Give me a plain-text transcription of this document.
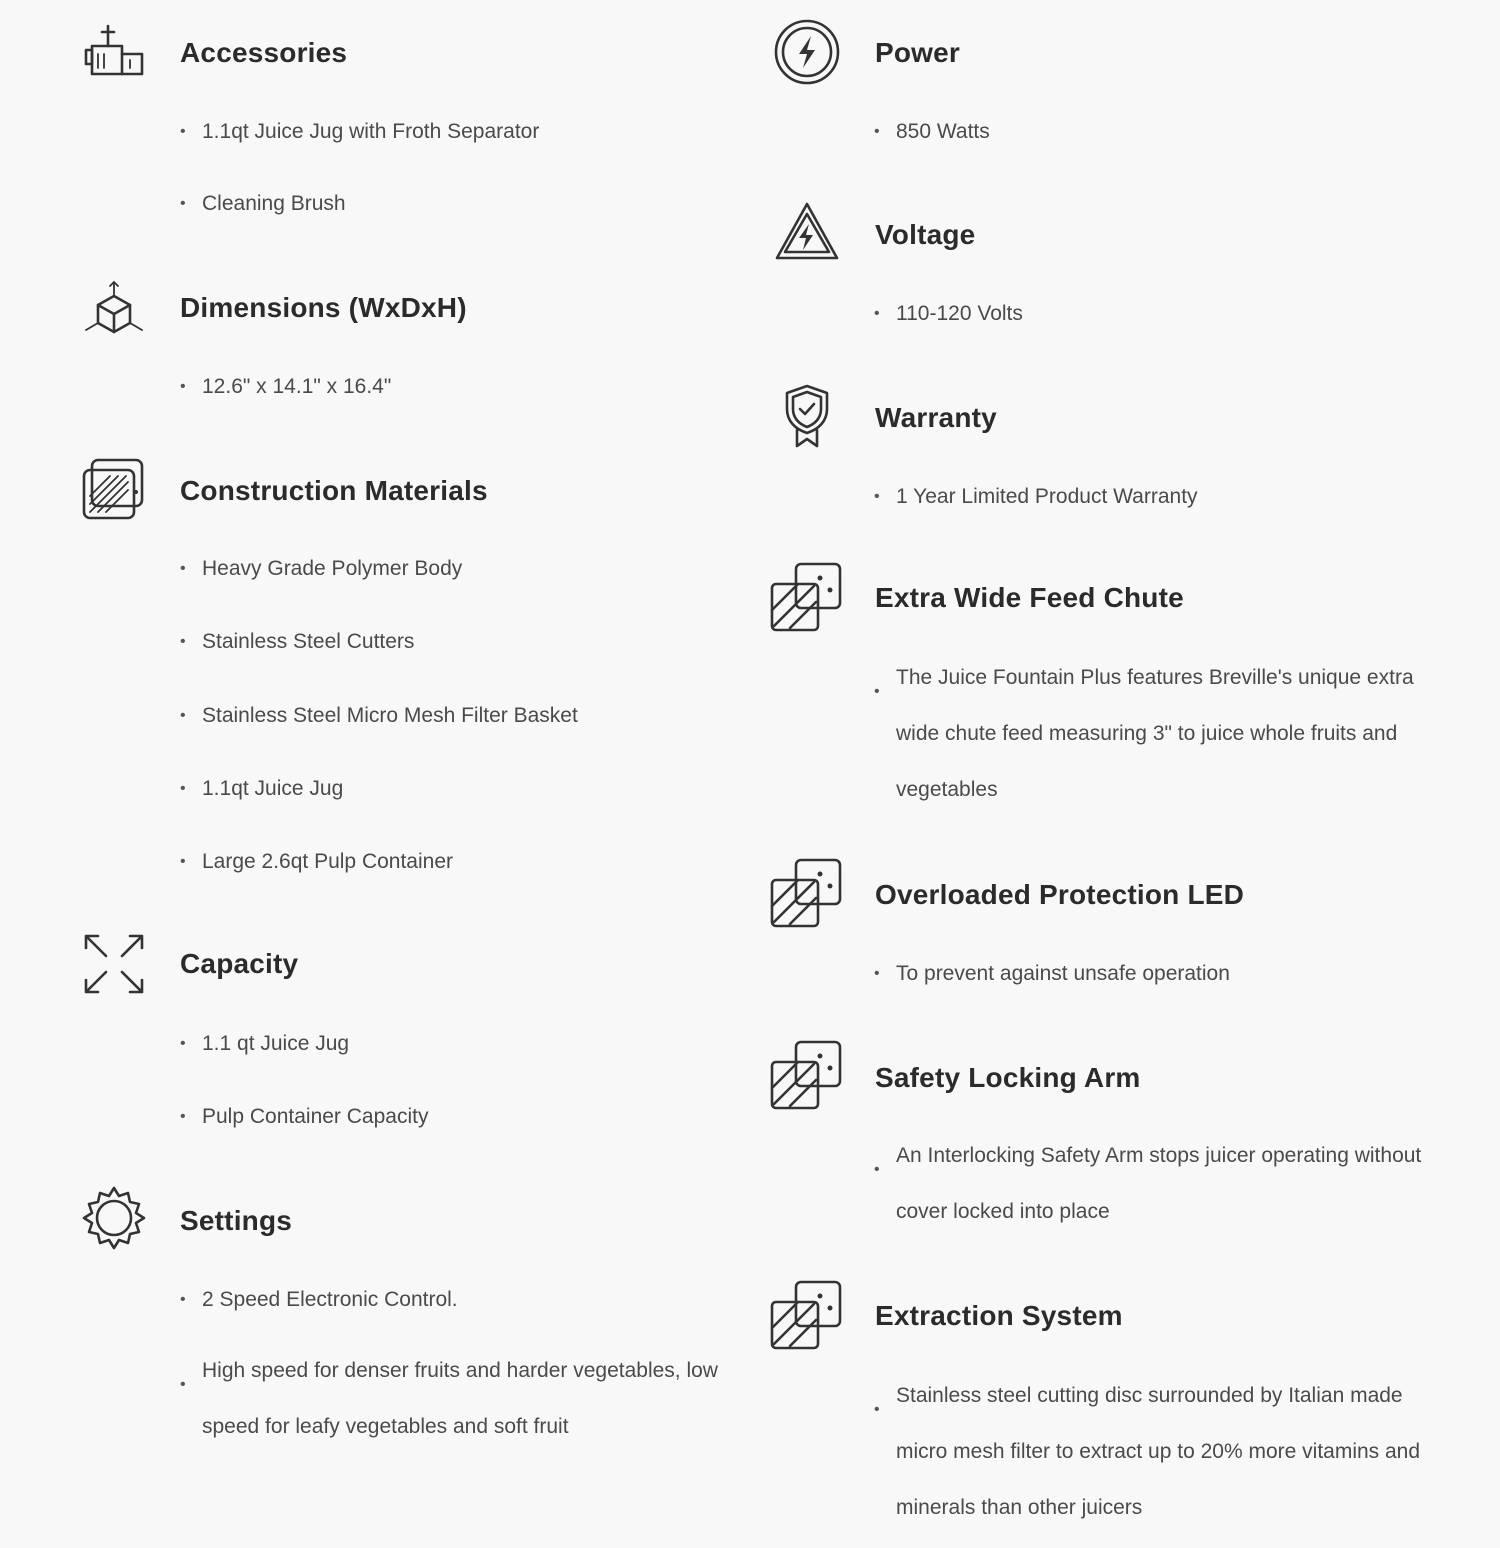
Accessories
• 1.1qt Juice Jug with Froth Separator
• Cleaning Brush
Dimensions (WxDxH)
• 12.6" x 14.1" x 16.4"
Construction Materials
• Heavy Grade Polymer Body
• Stainless Steel Cutters
• Stainless Steel Micro Mesh Filter Basket
• 1.1qt Juice Jug
• Large 2.6qt Pulp Container
Capacity
• 1.1 qt Juice Jug
• Pulp Container Capacity
Settings
• 2 Speed Electronic Control.
• High speed for denser fruits and harder vegetables, low speed for leafy vegetables and soft fruit
Power
• 850 Watts
Voltage
• 110-120 Volts
Warranty
• 1 Year Limited Product Warranty
Extra Wide Feed Chute
• The Juice Fountain Plus features Breville's unique extra wide chute feed measuring 3" to juice whole fruits and vegetables
Overloaded Protection LED
• To prevent against unsafe operation
Safety Locking Arm
• An Interlocking Safety Arm stops juicer operating without cover locked into place
Extraction System
• Stainless steel cutting disc surrounded by Italian made micro mesh filter to extract up to 20% more vitamins and minerals than other juicers
